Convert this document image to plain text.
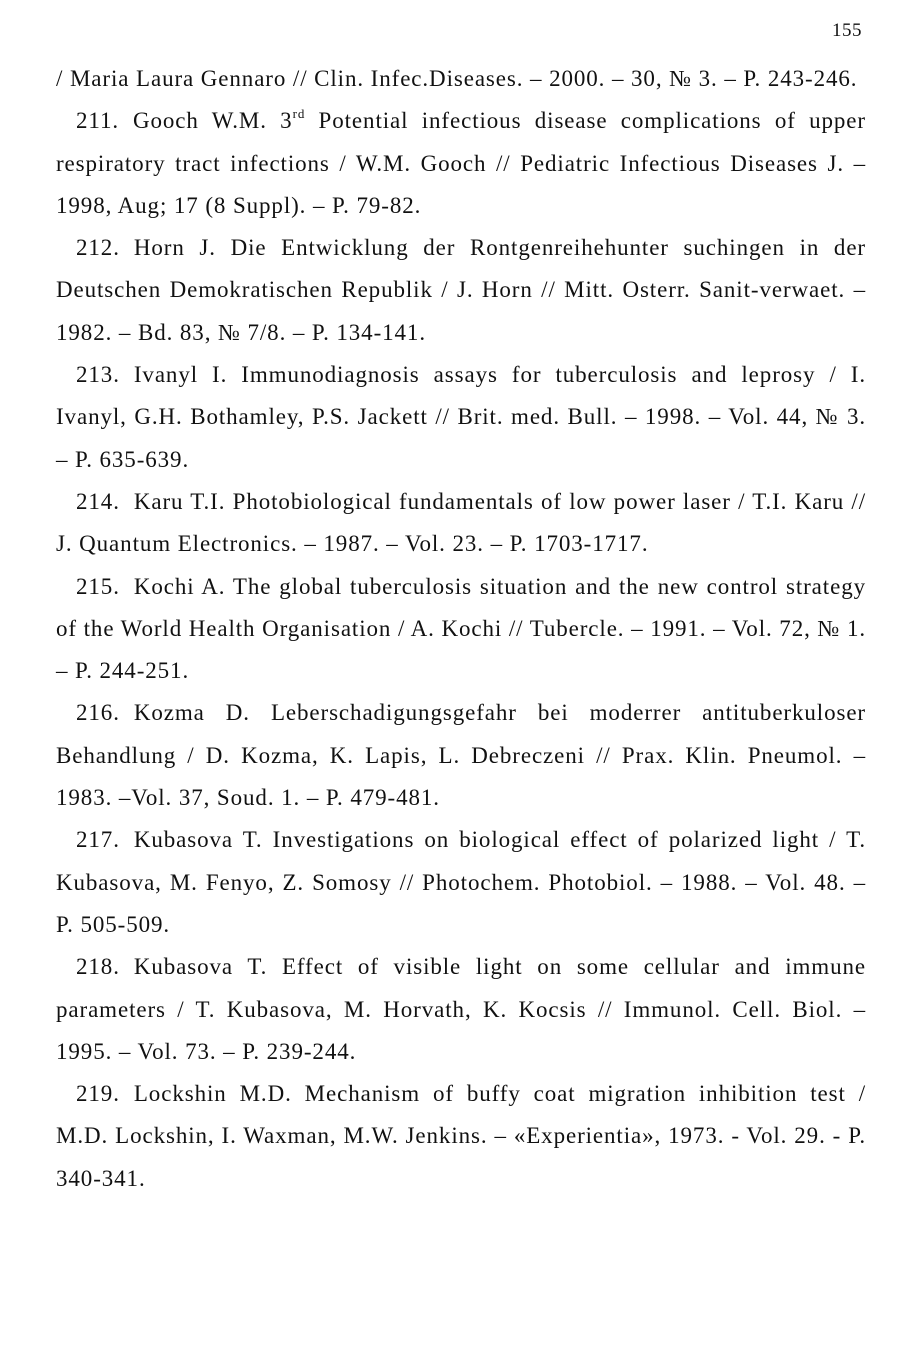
155

/ Maria Laura Gennaro // Clin. Infec.Diseases. – 2000. – 30, № 3. – P. 243-246.

211. Gooch W.M. 3rd Potential infectious disease complications of upper respiratory tract infections / W.M. Gooch // Pediatric Infectious Diseases J. – 1998, Aug; 17 (8 Suppl). – P. 79-82.

212. Horn J. Die Entwicklung der Rontgenreihehunter suchingen in der Deutschen Demokratischen Republik / J. Horn // Mitt. Osterr. Sanit-verwaet. – 1982. – Bd. 83, № 7/8. – P. 134-141.

213. Ivanyl I. Immunodiagnosis assays for tuberculosis and leprosy / I. Ivanyl, G.H. Bothamley, P.S. Jackett // Brit. med. Bull. – 1998. – Vol. 44, № 3. – P. 635-639.

214. Karu T.I. Photobiological fundamentals of low power laser / T.I. Karu // J. Quantum Electronics. – 1987. – Vol. 23. – P. 1703-1717.

215. Kochi A. The global tuberculosis situation and the new control strategy of the World Health Organisation / A. Kochi // Tubercle. – 1991. – Vol. 72, № 1. – P. 244-251.

216. Kozma D. Leberschadigungsgefahr bei moderrer antituberkuloser Behandlung / D. Kozma, K. Lapis, L. Debreczeni // Prax. Klin. Pneumol. – 1983. –Vol. 37, Soud. 1. – P. 479-481.

217. Kubasova T. Investigations on biological effect of polarized light / T. Kubasova, M. Fenyo, Z. Somosy // Photochem. Photobiol. – 1988. – Vol. 48. – P. 505-509.

218. Kubasova T. Effect of visible light on some cellular and immune parameters / T. Kubasova, M. Horvath, K. Kocsis // Immunol. Cell. Biol. – 1995. – Vol. 73. – P. 239-244.

219. Lockshin M.D. Mechanism of buffy coat migration inhibition test / M.D. Lockshin, I. Waxman, M.W. Jenkins. – «Experientia», 1973. - Vol. 29. - P. 340-341.
